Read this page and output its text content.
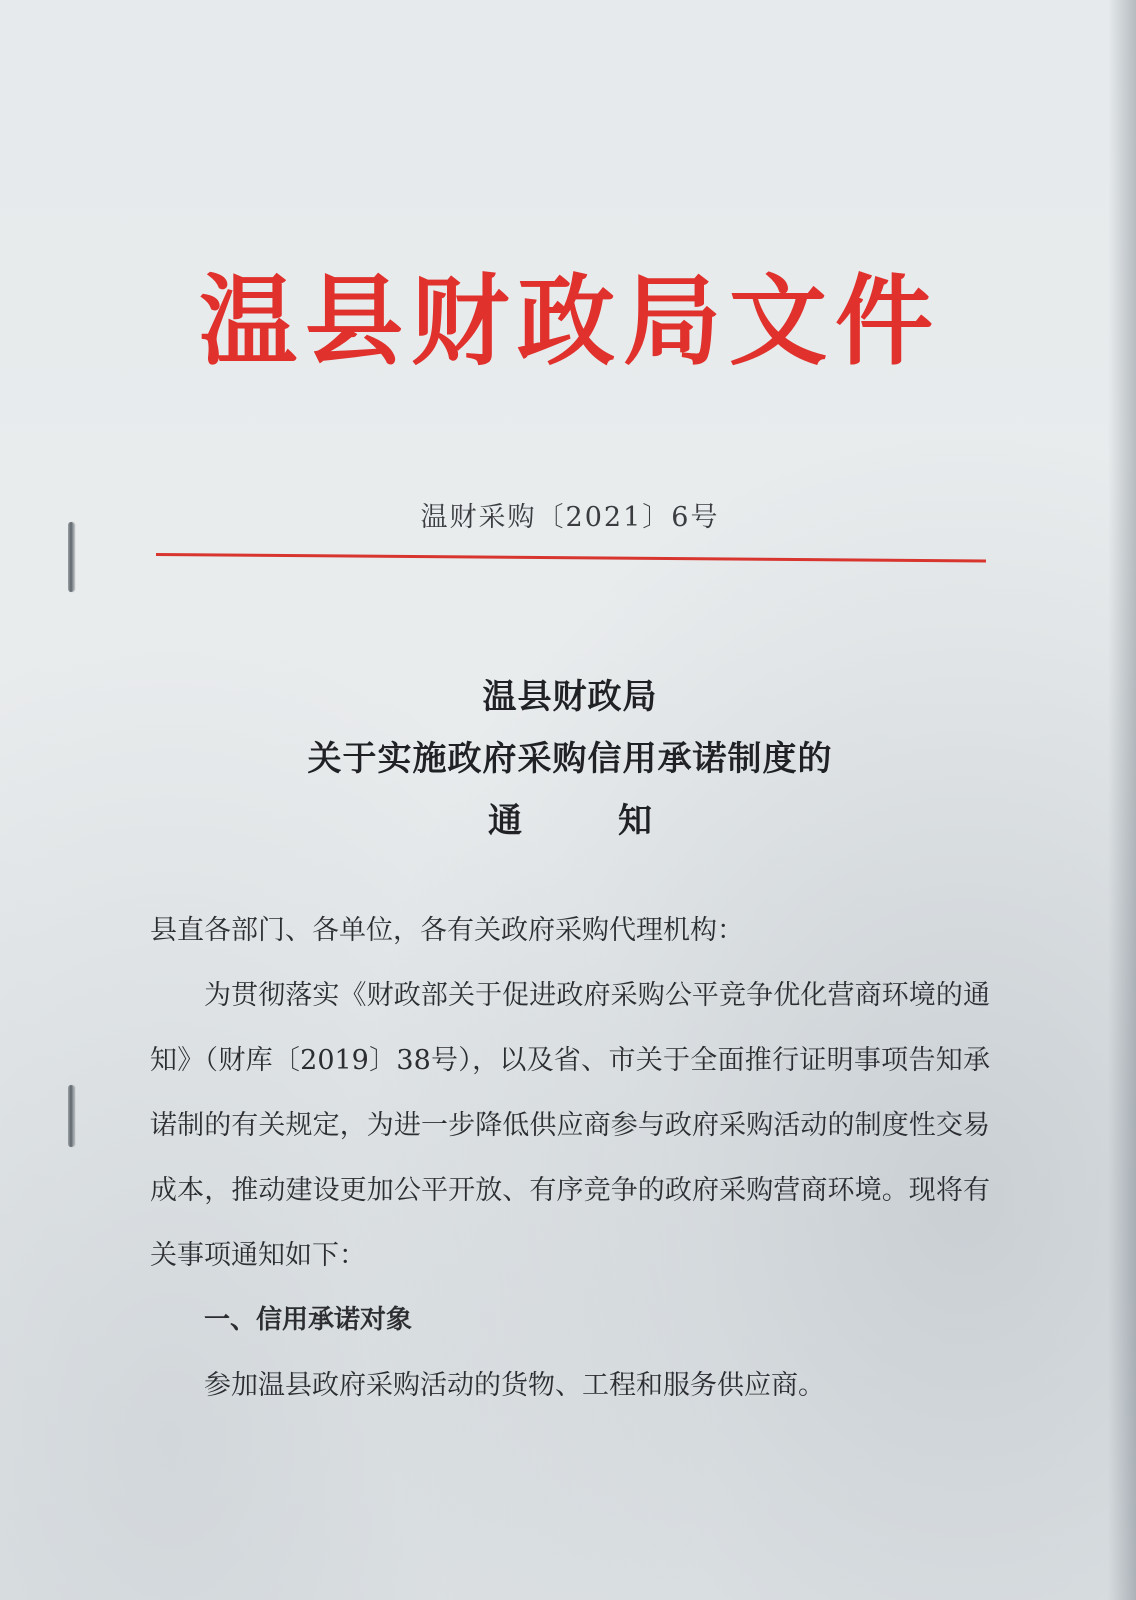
温县财政局文件
温财采购〔2021〕6号
温县财政局
关于实施政府采购信用承诺制度的
通知

县直各部门、各单位，各有关政府采购代理机构：

为贯彻落实《财政部关于促进政府采购公平竞争优化营商环境的通知》（财库〔2019〕38号），以及省、市关于全面推行证明事项告知承诺制的有关规定，为进一步降低供应商参与政府采购活动的制度性交易成本，推动建设更加公平开放、有序竞争的政府采购营商环境。现将有关事项通知如下：

一、信用承诺对象

参加温县政府采购活动的货物、工程和服务供应商。
